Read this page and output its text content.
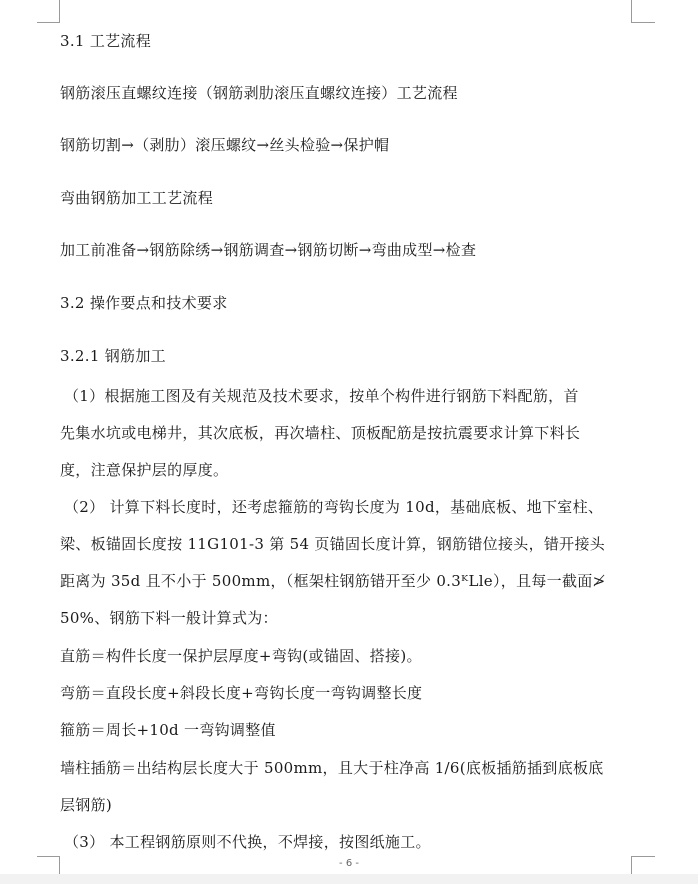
3.1 工艺流程
钢筋滚压直螺纹连接（钢筋剥肋滚压直螺纹连接）工艺流程
钢筋切割→（剥肋）滚压螺纹→丝头检验→保护帽
弯曲钢筋加工工艺流程
加工前准备→钢筋除绣→钢筋调查→钢筋切断→弯曲成型→检查
3.2 操作要点和技术要求
3.2.1 钢筋加工
（1）根据施工图及有关规范及技术要求，按单个构件进行钢筋下料配筋，首
先集水坑或电梯井，其次底板，再次墙柱、顶板配筋是按抗震要求计算下料长
度，注意保护层的厚度。
（2） 计算下料长度时，还考虑箍筋的弯钩长度为 10d，基础底板、地下室柱、
梁、板锚固长度按 11G101-3 第 54 页锚固长度计算，钢筋错位接头，错开接头
距离为 35d 且不小于 500mm，（框架柱钢筋错开至少 0.3ᴷLle），且每一截面≯
50%、钢筋下料一般计算式为：
直筋＝构件长度一保护层厚度+弯钩(或锚固、搭接)。
弯筋＝直段长度+斜段长度+弯钩长度一弯钩调整长度
箍筋＝周长+10d 一弯钩调整值
墙柱插筋＝出结构层长度大于 500mm，且大于柱净高 1/6(底板插筋插到底板底
层钢筋)
（3） 本工程钢筋原则不代换，不焊接，按图纸施工。
- 6 -
